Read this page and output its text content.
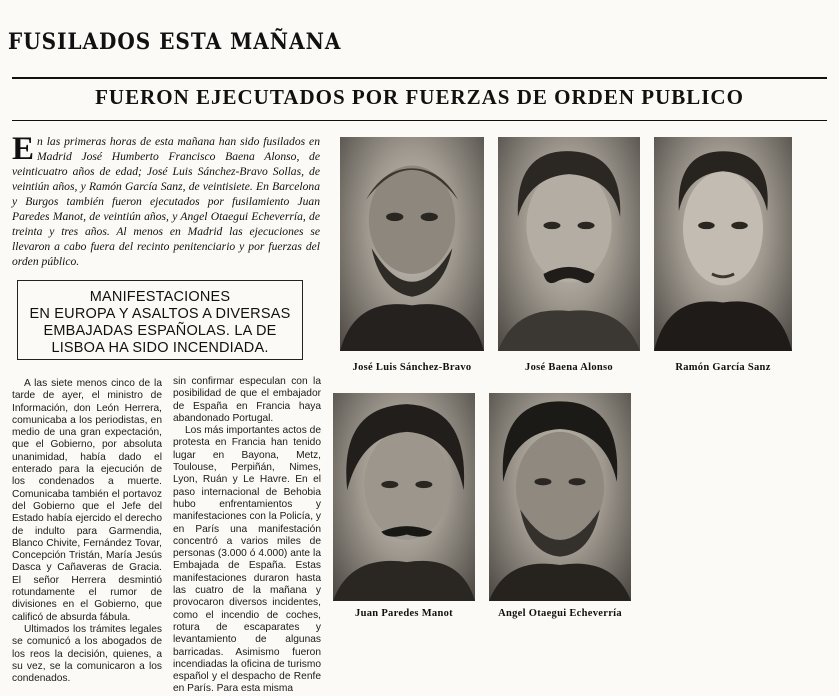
FUSILADOS ESTA MAÑANA
FUERON EJECUTADOS POR FUERZAS DE ORDEN PUBLICO
En las primeras horas de esta mañana han sido fusilados en Madrid José Humberto Francisco Baena Alonso, de veinticuatro años de edad; José Luis Sánchez-Bravo Sollas, de veintiún años, y Ramón García Sanz, de veintisiete. En Barcelona y Burgos también fueron ejecutados por fusilamiento Juan Paredes Manot, de veintiún años, y Angel Otaegui Echeverría, de treinta y tres años. Al menos en Madrid las ejecuciones se llevaron a cabo fuera del recinto penitenciario y por fuerzas del orden público.
MANIFESTACIONES
EN EUROPA Y ASALTOS A DIVERSAS
EMBAJADAS ESPAÑOLAS. LA DE
LISBOA HA SIDO INCENDIADA.

A las siete menos cinco de la tarde de ayer, el ministro de Información, don León Herrera, comunicaba a los periodistas, en medio de una gran expectación, que el Gobierno, por absoluta unanimidad, había dado el enterado para la ejecución de los condenados a muerte. Comunicaba también el portavoz del Gobierno que el Jefe del Estado había ejercido el derecho de indulto para Garmendia, Blanco Chivite, Fernández Tovar, Concepción Tristán, María Jesús Dasca y Cañaveras de Gracia. El señor Herrera desmintió rotundamente el rumor de divisiones en el Gobierno, que calificó de absurda fábula.

Ultimados los trámites legales se comunicó a los abogados de los reos la decisión, quienes, a su vez, se la comunicaron a los condenados.

sin confirmar especulan con la posibilidad de que el embajador de España en Francia haya abandonado Portugal.

Los más importantes actos de protesta en Francia han tenido lugar en Bayona, Metz, Toulouse, Perpiñán, Nimes, Lyon, Ruán y Le Havre. En el paso internacional de Behobia hubo enfrentamientos y manifestaciones con la Policía, y en París una manifestación concentró a varios miles de personas (3.000 ó 4.000) ante la Embajada de España. Estas manifestaciones duraron hasta las cuatro de la mañana y provocaron diversos incidentes, como el incendio de coches, rotura de escaparates y levantamiento de algunas barricadas. Asimismo fueron incendiadas la oficina de turismo español y el despacho de Renfe en París. Para esta misma

José Luis Sánchez-Bravo	José Baena Alonso	Ramón García Sanz
Juan Paredes Manot	Angel Otaegui Echeverría
